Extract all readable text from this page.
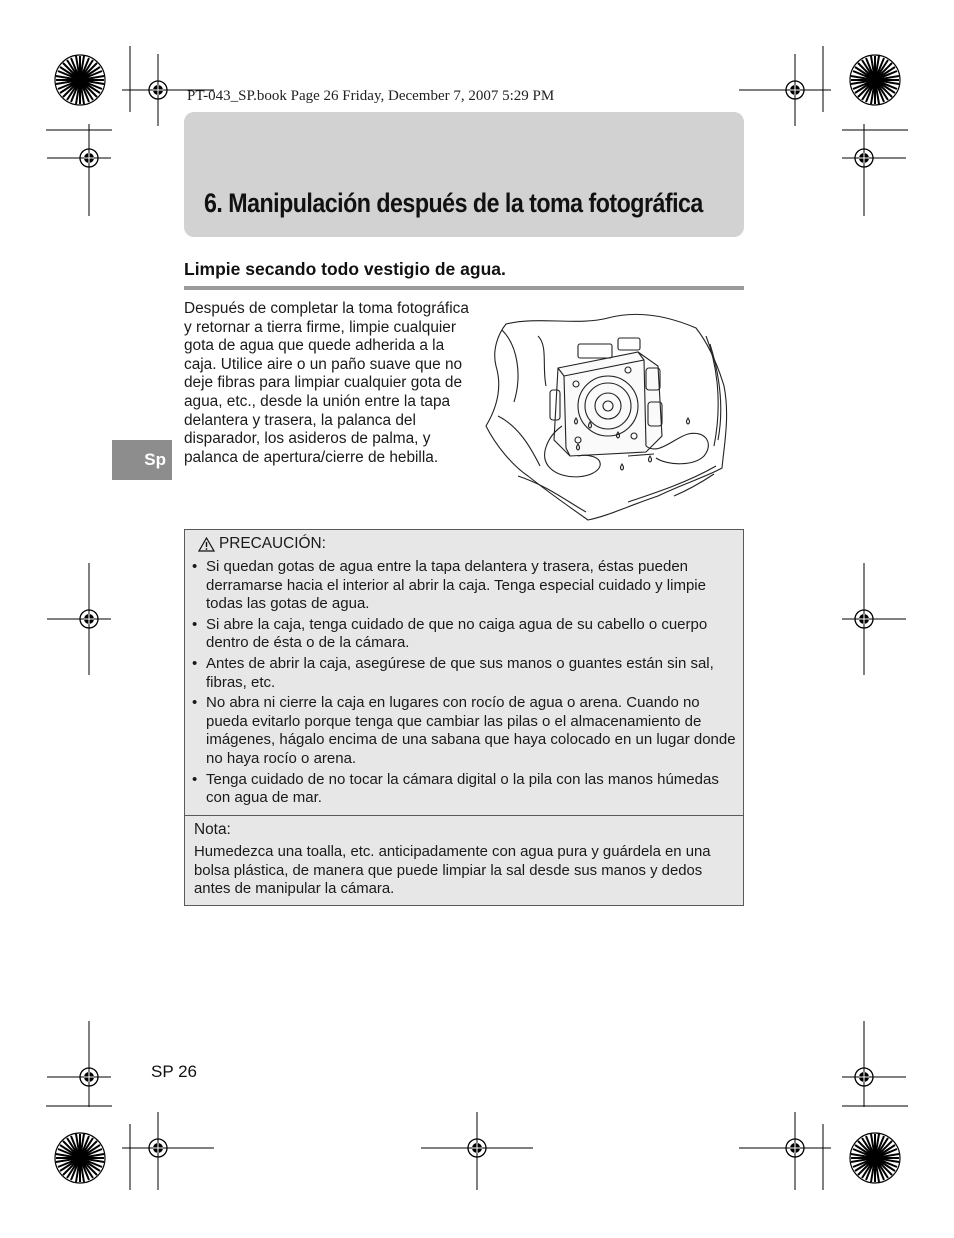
PT-043_SP.book Page 26 Friday, December 7, 2007 5:29 PM
6. Manipulación después de la toma fotográfica
Limpie secando todo vestigio de agua.
Después de completar la toma fotográfica y retornar a tierra firme, limpie cualquier gota de agua que quede adherida a la caja. Utilice aire o un paño suave que no deje fibras para limpiar cualquier gota de agua, etc., desde la unión entre la tapa delantera y trasera, la palanca del disparador, los asideros de palma, y palanca de apertura/cierre de hebilla.
Sp
PRECAUCIÓN:
• Si quedan gotas de agua entre la tapa delantera y trasera, éstas pueden derramarse hacia el interior al abrir la caja. Tenga especial cuidado y limpie todas las gotas de agua.
• Si abre la caja, tenga cuidado de que no caiga agua de su cabello o cuerpo dentro de ésta o de la cámara.
• Antes de abrir la caja, asegúrese de que sus manos o guantes están sin sal, fibras, etc.
• No abra ni cierre la caja en lugares con rocío de agua o arena. Cuando no pueda evitarlo porque tenga que cambiar las pilas o el almacenamiento de imágenes, hágalo encima de una sabana que haya colocado en un lugar donde no haya rocío o arena.
• Tenga cuidado de no tocar la cámara digital o la pila con las manos húmedas con agua de mar.
Nota:
Humedezca una toalla, etc. anticipadamente con agua pura y guárdela en una bolsa plástica, de manera que puede limpiar la sal desde sus manos y dedos antes de manipular la cámara.
SP 26
